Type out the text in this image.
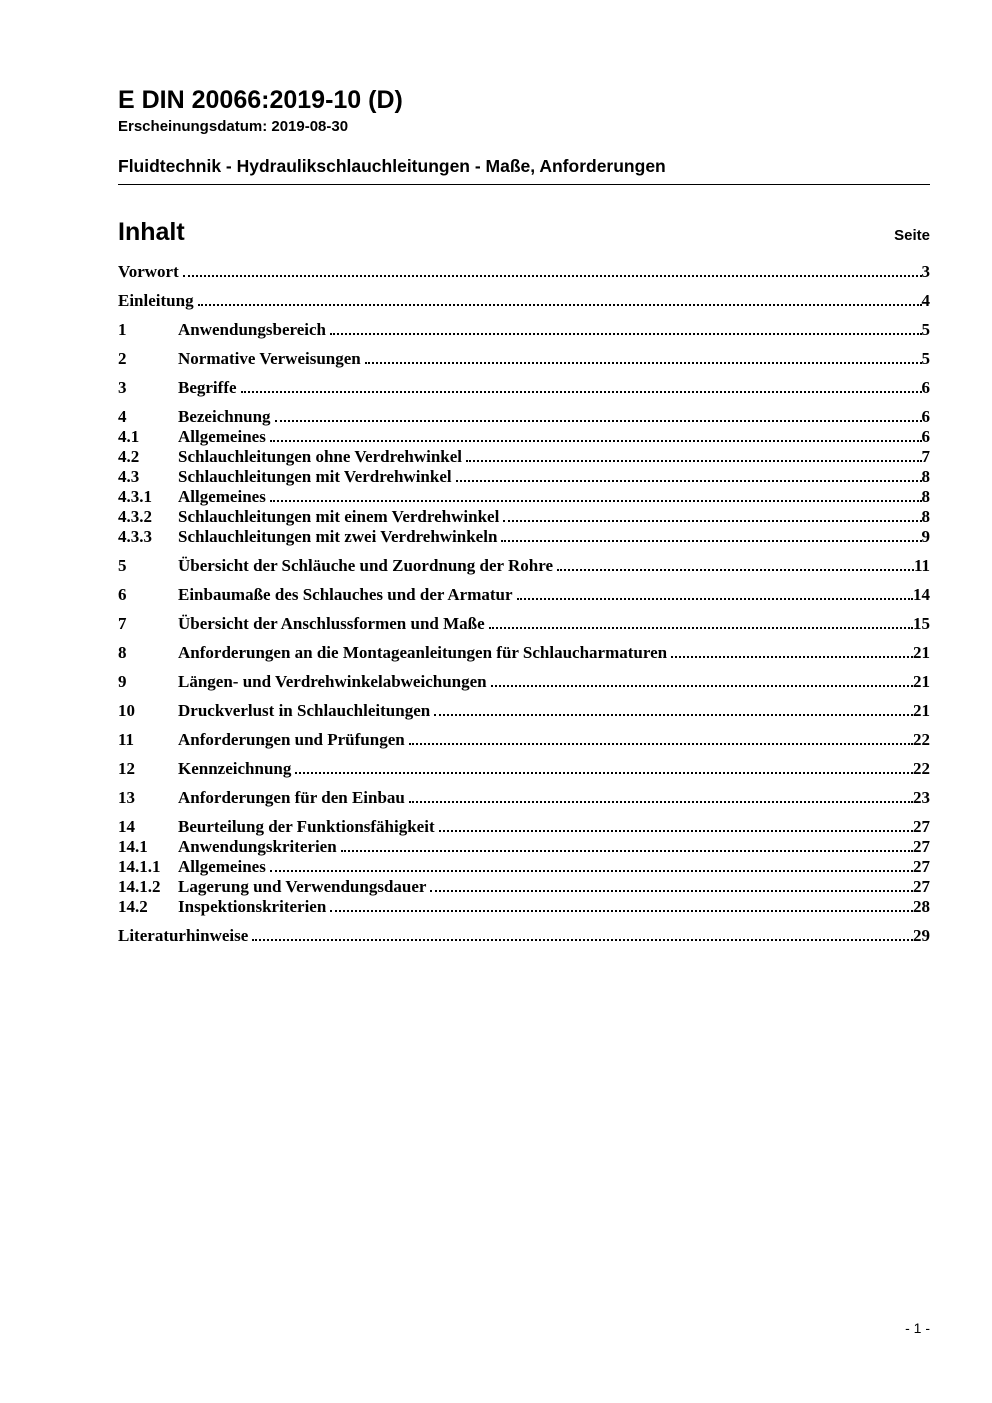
E DIN 20066:2019-10 (D)
Erscheinungsdatum: 2019-08-30
Fluidtechnik - Hydraulikschlauchleitungen - Maße, Anforderungen
Inhalt	Seite
Vorwort	3
Einleitung	4
1	Anwendungsbereich	5
2	Normative Verweisungen	5
3	Begriffe	6
4	Bezeichnung	6
4.1	Allgemeines	6
4.2	Schlauchleitungen ohne Verdrehwinkel	7
4.3	Schlauchleitungen mit Verdrehwinkel	8
4.3.1	Allgemeines	8
4.3.2	Schlauchleitungen mit einem Verdrehwinkel	8
4.3.3	Schlauchleitungen mit zwei Verdrehwinkeln	9
5	Übersicht der Schläuche und Zuordnung der Rohre	11
6	Einbaumaße des Schlauches und der Armatur	14
7	Übersicht der Anschlussformen und Maße	15
8	Anforderungen an die Montageanleitungen für Schlaucharmaturen	21
9	Längen- und Verdrehwinkelabweichungen	21
10	Druckverlust in Schlauchleitungen	21
11	Anforderungen und Prüfungen	22
12	Kennzeichnung	22
13	Anforderungen für den Einbau	23
14	Beurteilung der Funktionsfähigkeit	27
14.1	Anwendungskriterien	27
14.1.1	Allgemeines	27
14.1.2	Lagerung und Verwendungsdauer	27
14.2	Inspektionskriterien	28
Literaturhinweise	29
- 1 -
